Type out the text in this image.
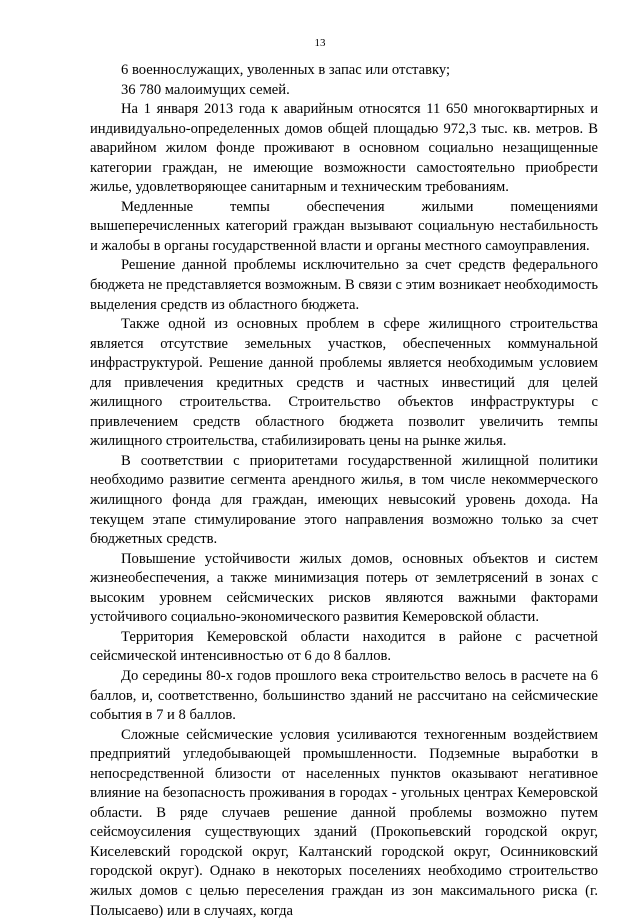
13

6 военнослужащих, уволенных в запас или отставку;

36 780 малоимущих семей.

На 1 января 2013 года к аварийным относятся 11 650 многоквартирных и индивидуально-определенных домов общей площадью 972,3 тыс. кв. метров. В аварийном жилом фонде проживают в основном социально незащищенные категории граждан, не имеющие возможности самостоятельно приобрести жилье, удовлетворяющее санитарным и техническим требованиям.

Медленные темпы обеспечения жилыми помещениями вышеперечисленных категорий граждан вызывают социальную нестабильность и жалобы в органы государственной власти и органы местного самоуправления.

Решение данной проблемы исключительно за счет средств федерального бюджета не представляется возможным. В связи с этим возникает необходимость выделения средств из областного бюджета.

Также одной из основных проблем в сфере жилищного строительства является отсутствие земельных участков, обеспеченных коммунальной инфраструктурой. Решение данной проблемы является необходимым условием для привлечения кредитных средств и частных инвестиций для целей жилищного строительства. Строительство объектов инфраструктуры с привлечением средств областного бюджета позволит увеличить темпы жилищного строительства, стабилизировать цены на рынке жилья.

В соответствии с приоритетами государственной жилищной политики необходимо развитие сегмента арендного жилья, в том числе некоммерческого жилищного фонда для граждан, имеющих невысокий уровень дохода. На текущем этапе стимулирование этого направления возможно только за счет бюджетных средств.

Повышение устойчивости жилых домов, основных объектов и систем жизнеобеспечения, а также минимизация потерь от землетрясений в зонах с высоким уровнем сейсмических рисков являются важными факторами устойчивого социально-экономического развития Кемеровской области.

Территория Кемеровской области находится в районе с расчетной сейсмической интенсивностью от 6 до 8 баллов.

До середины 80-х годов прошлого века строительство велось в расчете на 6 баллов, и, соответственно, большинство зданий не рассчитано на сейсмические события в 7 и 8 баллов.

Сложные сейсмические условия усиливаются техногенным воздействием предприятий угледобывающей промышленности. Подземные выработки в непосредственной близости от населенных пунктов оказывают негативное влияние на безопасность проживания в городах - угольных центрах Кемеровской области. В ряде случаев решение данной проблемы возможно путем сейсмоусиления существующих зданий (Прокопьевский городской округ, Киселевский городской округ, Калтанский городской округ, Осинниковский городской округ). Однако в некоторых поселениях необходимо строительство жилых домов с целью переселения граждан из зон максимального риска (г. Полысаево) или в случаях, когда
